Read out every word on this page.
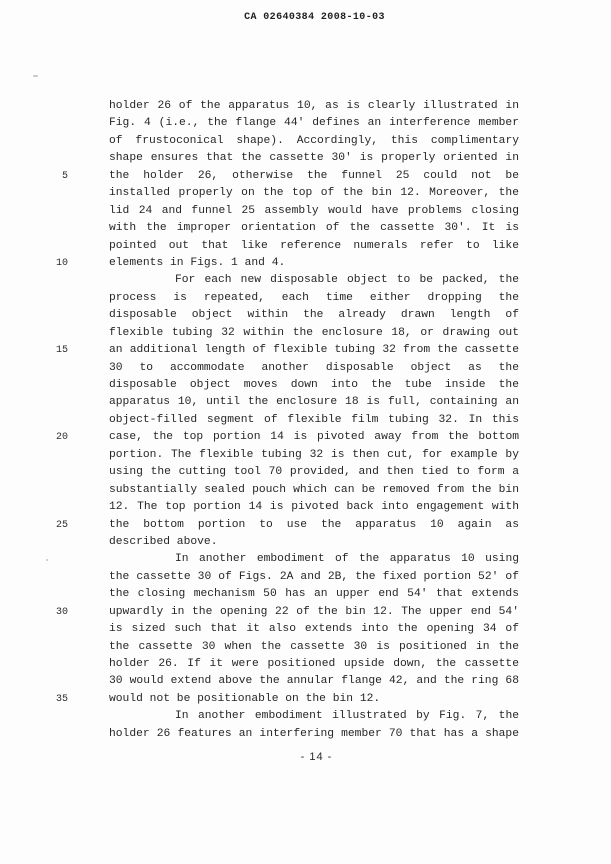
CA 02640384 2008-10-03
holder 26 of the apparatus 10, as is clearly illustrated in
Fig. 4 (i.e., the flange 44' defines an interference member
of frustoconical shape). Accordingly, this complimentary
shape ensures that the cassette 30' is properly oriented in
5	the holder 26, otherwise the funnel 25 could not be
installed properly on the top of the bin 12. Moreover, the
lid 24 and funnel 25 assembly would have problems closing
with the improper orientation of the cassette 30'. It is
pointed out that like reference numerals refer to like
10	elements in Figs. 1 and 4.
For each new disposable object to be packed, the
process is repeated, each time either dropping the
disposable object within the already drawn length of
flexible tubing 32 within the enclosure 18, or drawing out
15	an additional length of flexible tubing 32 from the cassette
30 to accommodate another disposable object as the
disposable object moves down into the tube inside the
apparatus 10, until the enclosure 18 is full, containing an
object-filled segment of flexible film tubing 32. In this
20	case, the top portion 14 is pivoted away from the bottom
portion. The flexible tubing 32 is then cut, for example by
using the cutting tool 70 provided, and then tied to form a
substantially sealed pouch which can be removed from the bin
12. The top portion 14 is pivoted back into engagement with
25	the bottom portion to use the apparatus 10 again as
described above.
In another embodiment of the apparatus 10 using
the cassette 30 of Figs. 2A and 2B, the fixed portion 52' of
the closing mechanism 50 has an upper end 54' that extends
30	upwardly in the opening 22 of the bin 12. The upper end 54'
is sized such that it also extends into the opening 34 of
the cassette 30 when the cassette 30 is positioned in the
holder 26. If it were positioned upside down, the cassette
30 would extend above the annular flange 42, and the ring 68
35	would not be positionable on the bin 12.
In another embodiment illustrated by Fig. 7, the
holder 26 features an interfering member 70 that has a shape
- 14 -
